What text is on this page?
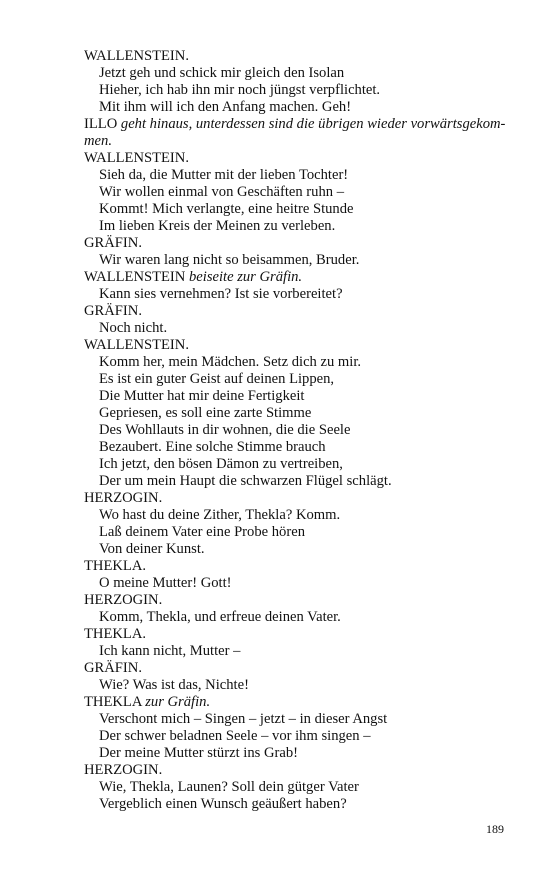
WALLENSTEIN.
Jetzt geh und schick mir gleich den Isolan
Hieher, ich hab ihn mir noch jüngst verpflichtet.
Mit ihm will ich den Anfang machen. Geh!
ILLO geht hinaus, unterdessen sind die übrigen wieder vorwärtsgekom-
men.
WALLENSTEIN.
Sieh da, die Mutter mit der lieben Tochter!
Wir wollen einmal von Geschäften ruhn –
Kommt! Mich verlangte, eine heitre Stunde
Im lieben Kreis der Meinen zu verleben.
GRÄFIN.
Wir waren lang nicht so beisammen, Bruder.
WALLENSTEIN beiseite zur Gräfin.
Kann sies vernehmen? Ist sie vorbereitet?
GRÄFIN.
Noch nicht.
WALLENSTEIN.
Komm her, mein Mädchen. Setz dich zu mir.
Es ist ein guter Geist auf deinen Lippen,
Die Mutter hat mir deine Fertigkeit
Gepriesen, es soll eine zarte Stimme
Des Wohllauts in dir wohnen, die die Seele
Bezaubert. Eine solche Stimme brauch
Ich jetzt, den bösen Dämon zu vertreiben,
Der um mein Haupt die schwarzen Flügel schlägt.
HERZOGIN.
Wo hast du deine Zither, Thekla? Komm.
Laß deinem Vater eine Probe hören
Von deiner Kunst.
THEKLA.
O meine Mutter! Gott!
HERZOGIN.
Komm, Thekla, und erfreue deinen Vater.
THEKLA.
Ich kann nicht, Mutter –
GRÄFIN.
Wie? Was ist das, Nichte!
THEKLA zur Gräfin.
Verschont mich – Singen – jetzt – in dieser Angst
Der schwer beladnen Seele – vor ihm singen –
Der meine Mutter stürzt ins Grab!
HERZOGIN.
Wie, Thekla, Launen? Soll dein gütger Vater
Vergeblich einen Wunsch geäußert haben?
189
